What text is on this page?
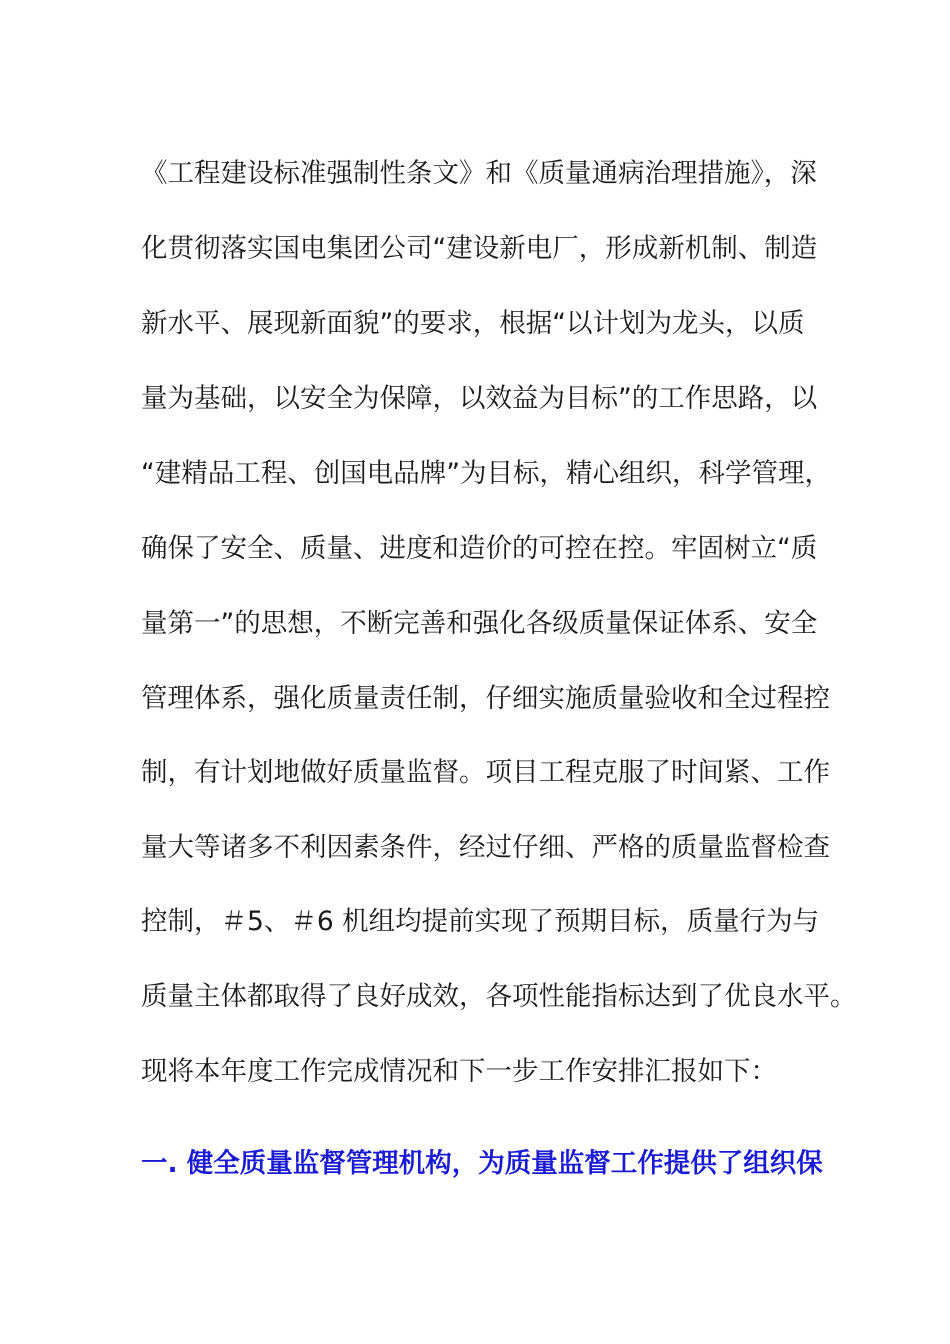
《工程建设标准强制性条文》和《质量通病治理措施》，深
化贯彻落实国电集团公司“建设新电厂，形成新机制、制造
新水平、展现新面貌”的要求，根据“以计划为龙头，以质
量为基础，以安全为保障，以效益为目标”的工作思路，以
“建精品工程、创国电品牌”为目标，精心组织，科学管理，
确保了安全、质量、进度和造价的可控在控。牢固树立“质
量第一”的思想，不断完善和强化各级质量保证体系、安全
管理体系，强化质量责任制，仔细实施质量验收和全过程控
制，有计划地做好质量监督。项目工程克服了时间紧、工作
量大等诸多不利因素条件，经过仔细、严格的质量监督检查
控制，＃5、＃6 机组均提前实现了预期目标，质量行为与
质量主体都取得了良好成效，各项性能指标达到了优良水平。
现将本年度工作完成情况和下一步工作安排汇报如下：
一. 健全质量监督管理机构，为质量监督工作提供了组织保
